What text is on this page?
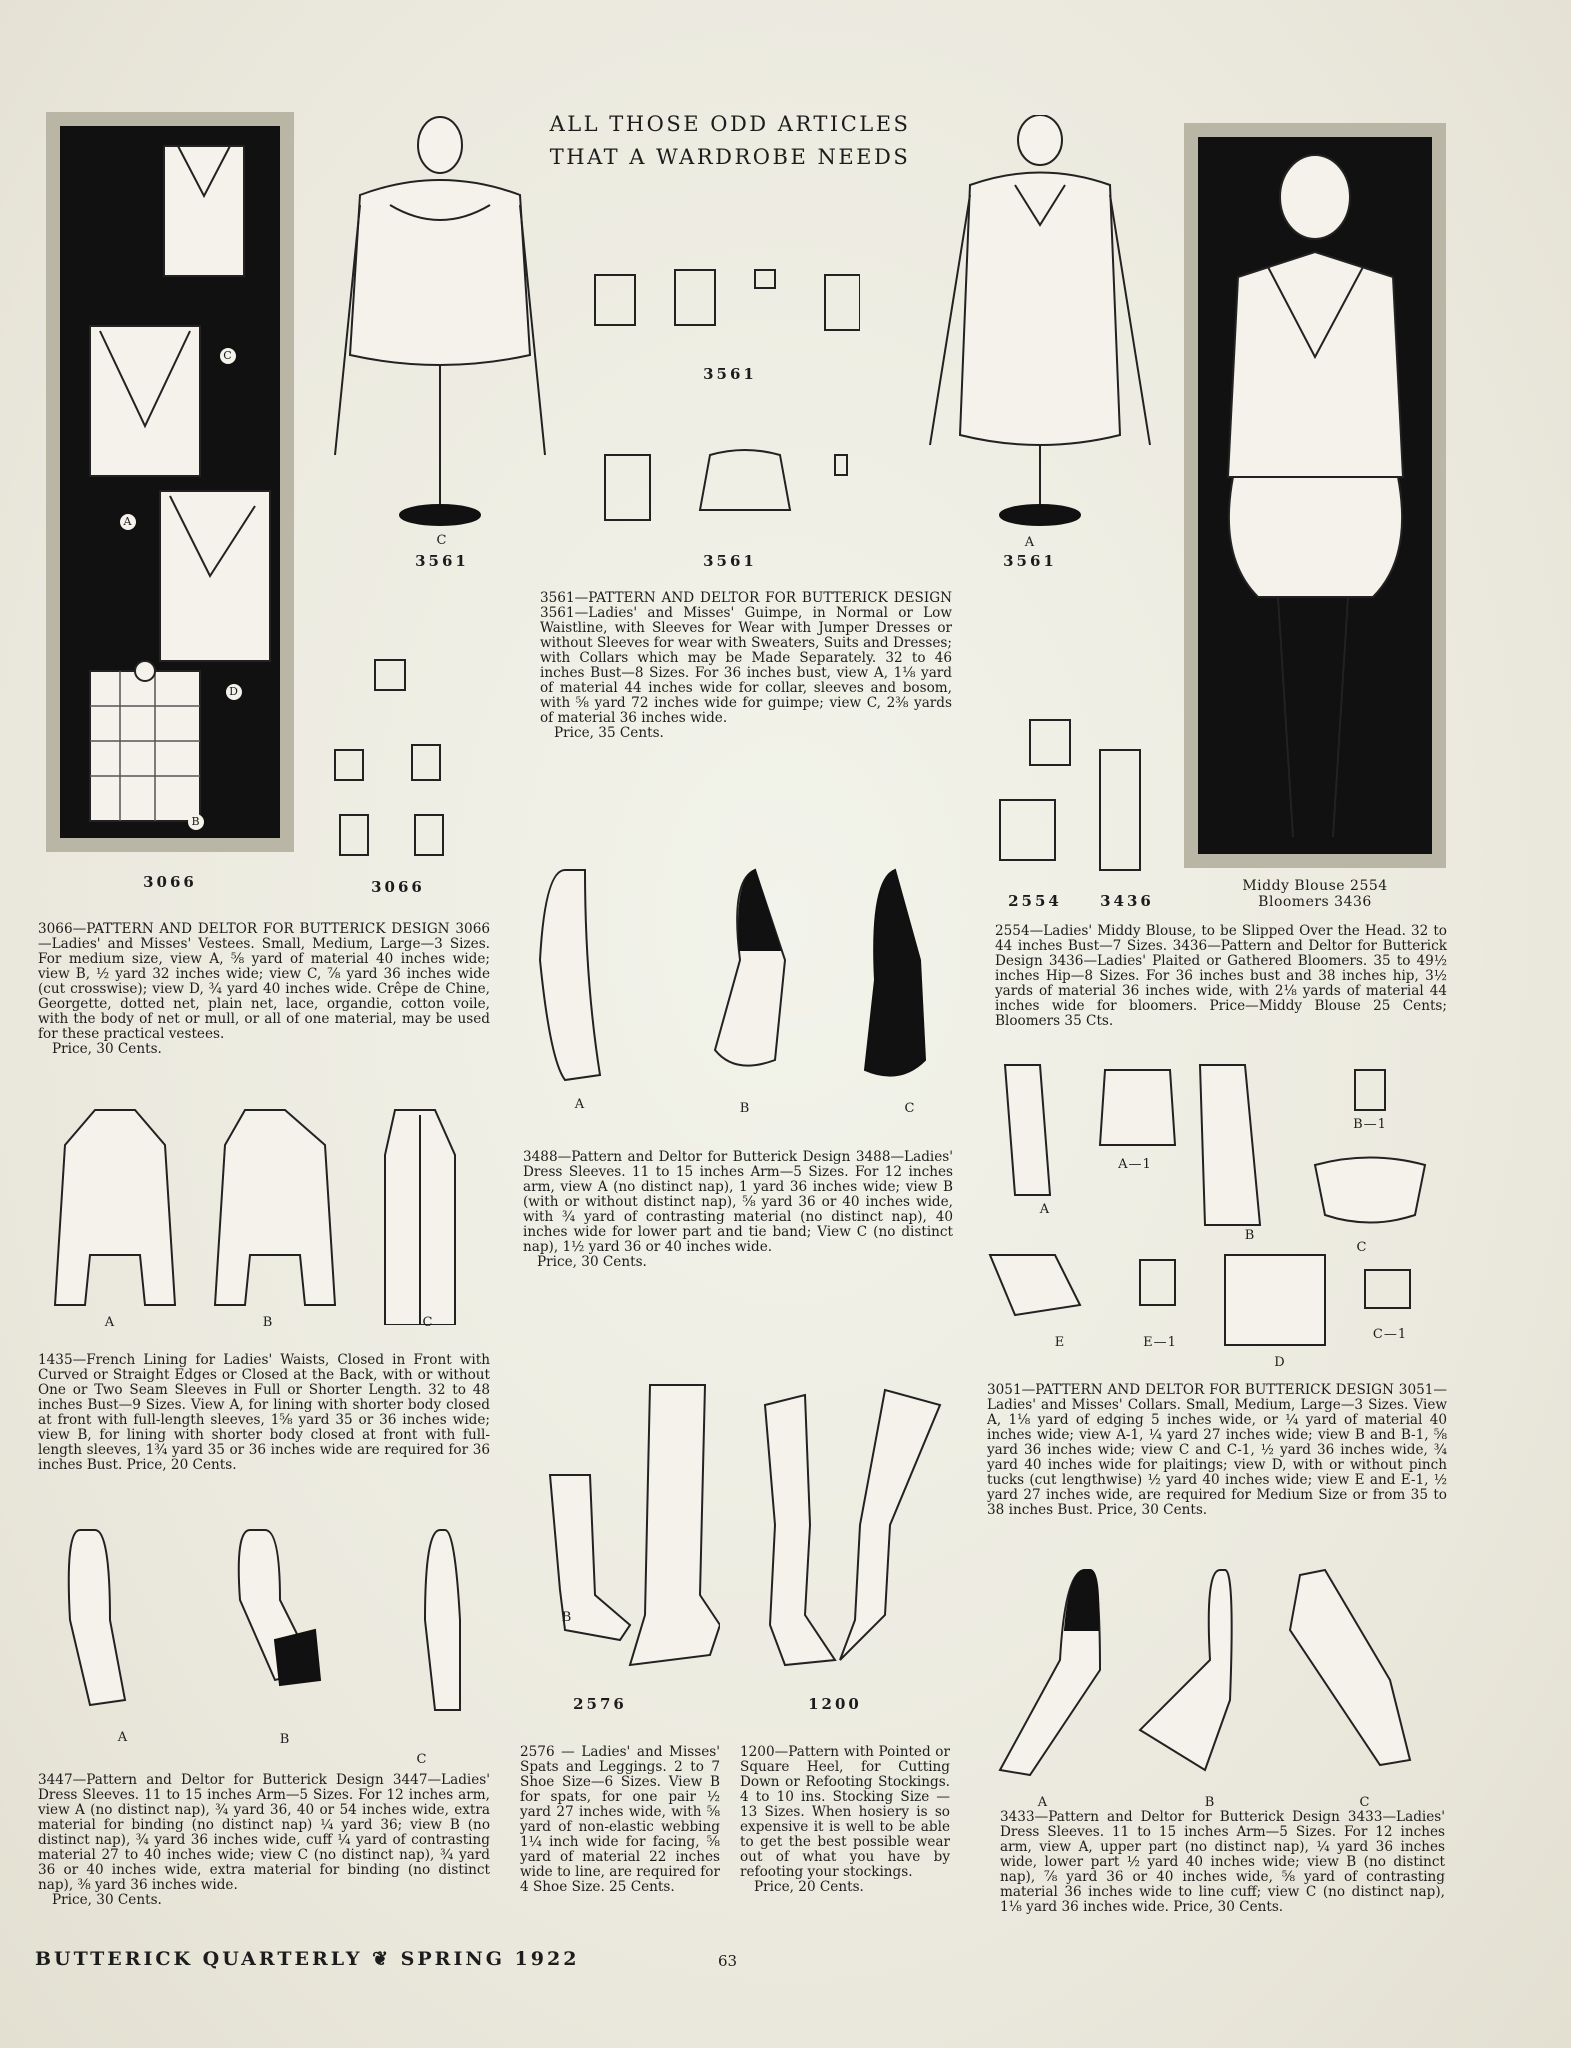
ALL THOSE ODD ARTICLES
THAT A WARDROBE NEEDS
C
A
D
B
3066	3066
C
3561
3561
3561
A
3561
3561—PATTERN AND DELTOR FOR BUTTERICK DESIGN 3561—Ladies' and Misses' Guimpe, in Normal or Low Waistline, with Sleeves for Wear with Jumper Dresses or without Sleeves for wear with Sweaters, Suits and Dresses; with Collars which may be Made Separately. 32 to 46 inches Bust—8 Sizes. For 36 inches bust, view A, 1⅛ yard of material 44 inches wide for collar, sleeves and bosom, with ⅝ yard 72 inches wide for guimpe; view C, 2⅜ yards of material 36 inches wide.
Price, 35 Cents.
Middy Blouse 2554
Bloomers 3436
2554	3436
2554—Ladies' Middy Blouse, to be Slipped Over the Head. 32 to 44 inches Bust—7 Sizes. 3436—Pattern and Deltor for Butterick Design 3436—Ladies' Plaited or Gathered Bloomers. 35 to 49½ inches Hip—8 Sizes. For 36 inches bust and 38 inches hip, 3½ yards of material 36 inches wide, with 2⅛ yards of material 44 inches wide for bloomers. Price—Middy Blouse 25 Cents; Bloomers 35 Cts.
3066—PATTERN AND DELTOR FOR BUTTERICK DESIGN 3066—Ladies' and Misses' Vestees. Small, Medium, Large—3 Sizes. For medium size, view A, ⅝ yard of material 40 inches wide; view B, ½ yard 32 inches wide; view C, ⅞ yard 36 inches wide (cut crosswise); view D, ¾ yard 40 inches wide. Crêpe de Chine, Georgette, dotted net, plain net, lace, organdie, cotton voile, with the body of net or mull, or all of one material, may be used for these practical vestees.
Price, 30 Cents.
A	B	C
3488—Pattern and Deltor for Butterick Design 3488—Ladies' Dress Sleeves. 11 to 15 inches Arm—5 Sizes. For 12 inches arm, view A (no distinct nap), 1 yard 36 inches wide; view B (with or without distinct nap), ⅝ yard 36 or 40 inches wide, with ¾ yard of contrasting material (no distinct nap), 40 inches wide for lower part and tie band; View C (no distinct nap), 1½ yard 36 or 40 inches wide.
Price, 30 Cents.
A	B	C
1435—French Lining for Ladies' Waists, Closed in Front with Curved or Straight Edges or Closed at the Back, with or without One or Two Seam Sleeves in Full or Shorter Length. 32 to 48 inches Bust—9 Sizes. View A, for lining with shorter body closed at front with full-length sleeves, 1⅝ yard 35 or 36 inches wide; view B, for lining with shorter body closed at front with full-length sleeves, 1¾ yard 35 or 36 inches wide are required for 36 inches Bust. Price, 20 Cents.
A
A—1
B
B—1
C
E	E—1
D
C—1
3051—PATTERN AND DELTOR FOR BUTTERICK DESIGN 3051—Ladies' and Misses' Collars. Small, Medium, Large—3 Sizes. View A, 1⅛ yard of edging 5 inches wide, or ¼ yard of material 40 inches wide; view A-1, ¼ yard 27 inches wide; view B and B-1, ⅝ yard 36 inches wide; view C and C-1, ½ yard 36 inches wide, ¾ yard 40 inches wide for plaitings; view D, with or without pinch tucks (cut lengthwise) ½ yard 40 inches wide; view E and E-1, ½ yard 27 inches wide, are required for Medium Size or from 35 to 38 inches Bust. Price, 30 Cents.
B
2576	1200
A	B
C
3447—Pattern and Deltor for Butterick Design 3447—Ladies' Dress Sleeves. 11 to 15 inches Arm—5 Sizes. For 12 inches arm, view A (no distinct nap), ¾ yard 36, 40 or 54 inches wide, extra material for binding (no distinct nap) ¼ yard 36; view B (no distinct nap), ¾ yard 36 inches wide, cuff ¼ yard of contrasting material 27 to 40 inches wide; view C (no distinct nap), ¾ yard 36 or 40 inches wide, extra material for binding (no distinct nap), ⅜ yard 36 inches wide.
Price, 30 Cents.
2576 — Ladies' and Misses' Spats and Leggings. 2 to 7 Shoe Size—6 Sizes. View B for spats, for one pair ½ yard 27 inches wide, with ⅝ yard of non-elastic webbing 1¼ inch wide for facing, ⅝ yard of material 22 inches wide to line, are required for 4 Shoe Size. 25 Cents.
1200—Pattern with Pointed or Square Heel, for Cutting Down or Refooting Stockings. 4 to 10 ins. Stocking Size — 13 Sizes. When hosiery is so expensive it is well to be able to get the best possible wear out of what you have by refooting your stockings.
Price, 20 Cents.
A	B	C
3433—Pattern and Deltor for Butterick Design 3433—Ladies' Dress Sleeves. 11 to 15 inches Arm—5 Sizes. For 12 inches arm, view A, upper part (no distinct nap), ¼ yard 36 inches wide, lower part ½ yard 40 inches wide; view B (no distinct nap), ⅞ yard 36 or 40 inches wide, ⅝ yard of contrasting material 36 inches wide to line cuff; view C (no distinct nap), 1⅛ yard 36 inches wide. Price, 30 Cents.
BUTTERICK QUARTERLY ❦ SPRING 1922	63
